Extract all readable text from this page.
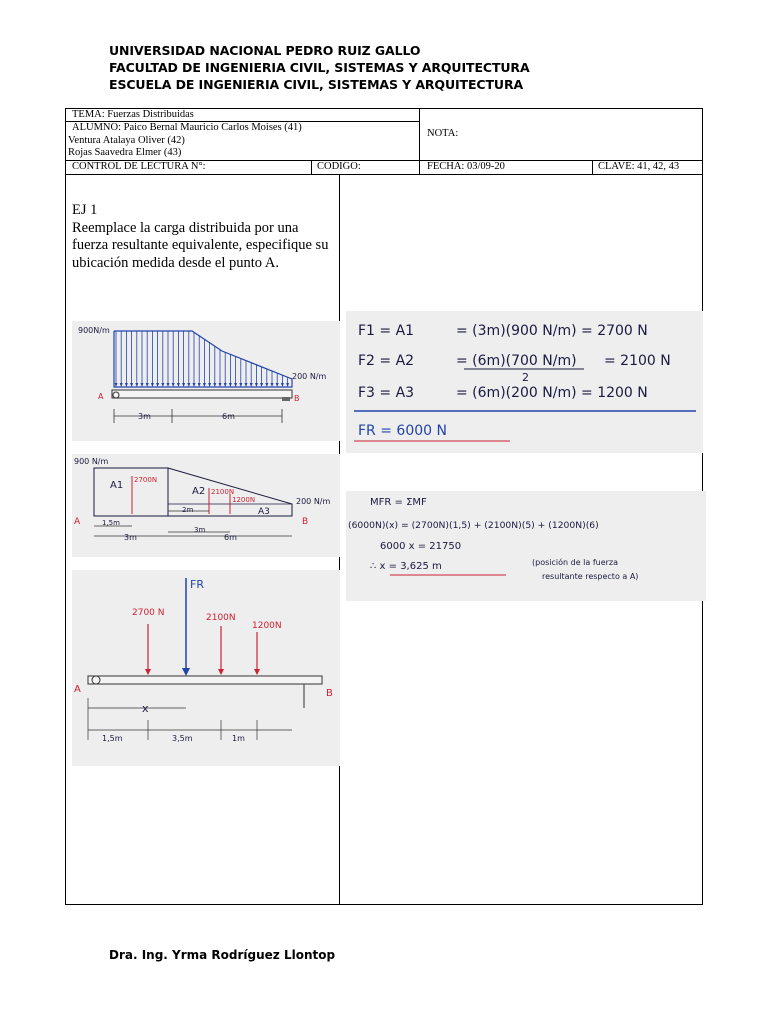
UNIVERSIDAD NACIONAL PEDRO RUIZ GALLO
FACULTAD DE INGENIERIA CIVIL, SISTEMAS Y ARQUITECTURA
ESCUELA DE INGENIERIA CIVIL, SISTEMAS Y ARQUITECTURA
TEMA: Fuerzas Distribuidas
ALUMNO: Paico Bernal Mauricio Carlos Moises (41)
Ventura Atalaya Oliver (42)
Rojas Saavedra Elmer (43)
NOTA:
CONTROL DE LECTURA N°:	CODIGO:	FECHA: 03/09-20	CLAVE: 41, 42, 43
EJ 1
Reemplace la carga distribuida por una fuerza resultante equivalente, especifique su ubicación medida desde el punto A.
900N/m
200 N/m
A	B
3m	6m
900 N/m
200 N/m
A1
A2
A3
2700N
2100N
1200N
A	B
1,5m
3m
2m
3m
6m
FR
2700 N	2100N
1200N
A	B
x
1,5m	3,5m	1m
F1 = A1	= (3m)(900 N/m) = 2700 N
F2 = A2	= (6m)(700 N/m)
2
= 2100 N
F3 = A3	= (6m)(200 N/m) = 1200 N
FR = 6000 N
MFR = ΣMF
(6000N)(x) = (2700N)(1,5) + (2100N)(5) + (1200N)(6)
6000 x = 21750
∴ x = 3,625 m	(posición de la fuerza
resultante respecto a A)
Dra. Ing. Yrma Rodríguez Llontop
